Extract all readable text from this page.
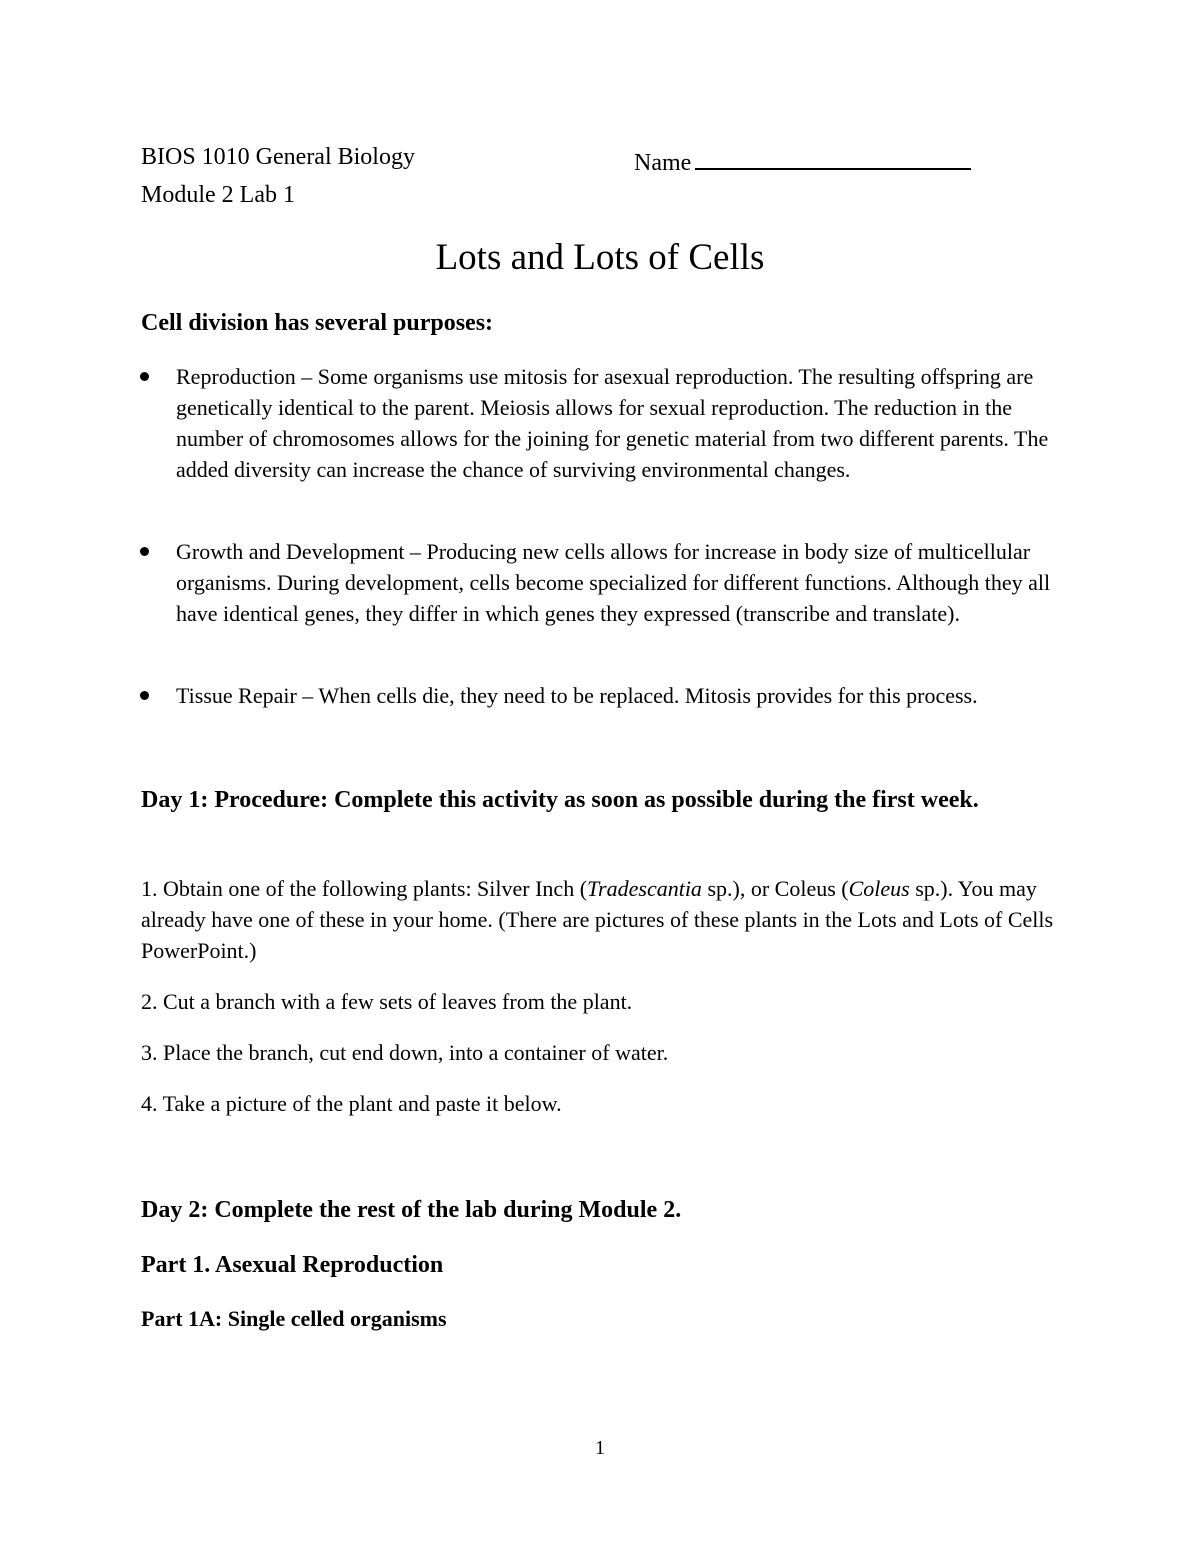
BIOS 1010 General Biology	Name
Module 2 Lab 1
Lots and Lots of Cells
Cell division has several purposes:
Reproduction – Some organisms use mitosis for asexual reproduction. The resulting offspring are genetically identical to the parent. Meiosis allows for sexual reproduction. The reduction in the number of chromosomes allows for the joining for genetic material from two different parents. The added diversity can increase the chance of surviving environmental changes.
Growth and Development – Producing new cells allows for increase in body size of multicellular organisms. During development, cells become specialized for different functions. Although they all have identical genes, they differ in which genes they expressed (transcribe and translate).
Tissue Repair – When cells die, they need to be replaced. Mitosis provides for this process.
Day 1: Procedure: Complete this activity as soon as possible during the first week.
1. Obtain one of the following plants: Silver Inch (Tradescantia sp.), or Coleus (Coleus sp.). You may already have one of these in your home. (There are pictures of these plants in the Lots and Lots of Cells PowerPoint.)
2. Cut a branch with a few sets of leaves from the plant.
3. Place the branch, cut end down, into a container of water.
4. Take a picture of the plant and paste it below.
Day 2: Complete the rest of the lab during Module 2.
Part 1. Asexual Reproduction
Part 1A: Single celled organisms
1
